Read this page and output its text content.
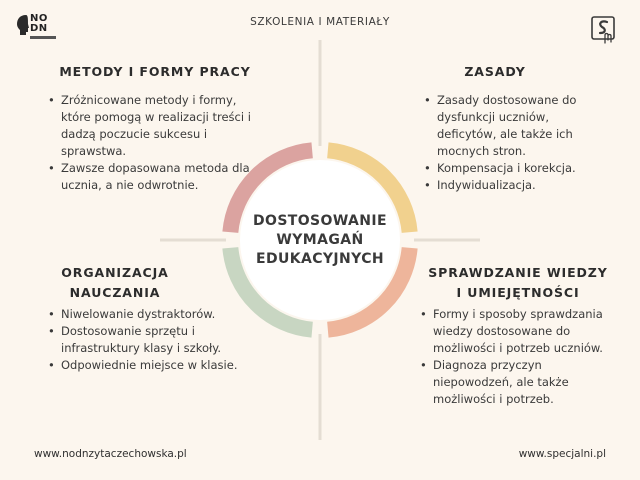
SZKOLENIA I MATERIAŁY
NO
DN
METODY I FORMY PRACY
• Zróżnicowane metody i formy, które pomogą w realizacji treści i dadzą poczucie sukcesu i sprawstwa.
• Zawsze dopasowana metoda dla ucznia, a nie odwrotnie.
ZASADY
• Zasady dostosowane do dysfunkcji uczniów, deficytów, ale także ich mocnych stron.
• Kompensacja i korekcja.
• Indywidualizacja.
DOSTOSOWANIE WYMAGAŃ EDUKACYJNYCH
ORGANIZACJA
NAUCZANIA
• Niwelowanie dystraktorów.
• Dostosowanie sprzętu i infrastruktury klasy i szkoły.
• Odpowiednie miejsce w klasie.
SPRAWDZANIE WIEDZY
I UMIEJĘTNOŚCI
• Formy i sposoby sprawdzania wiedzy dostosowane do możliwości i potrzeb uczniów.
• Diagnoza przyczyn niepowodzeń, ale także możliwości i potrzeb.
www.nodnzytaczechowska.pl	www.specjalni.pl
